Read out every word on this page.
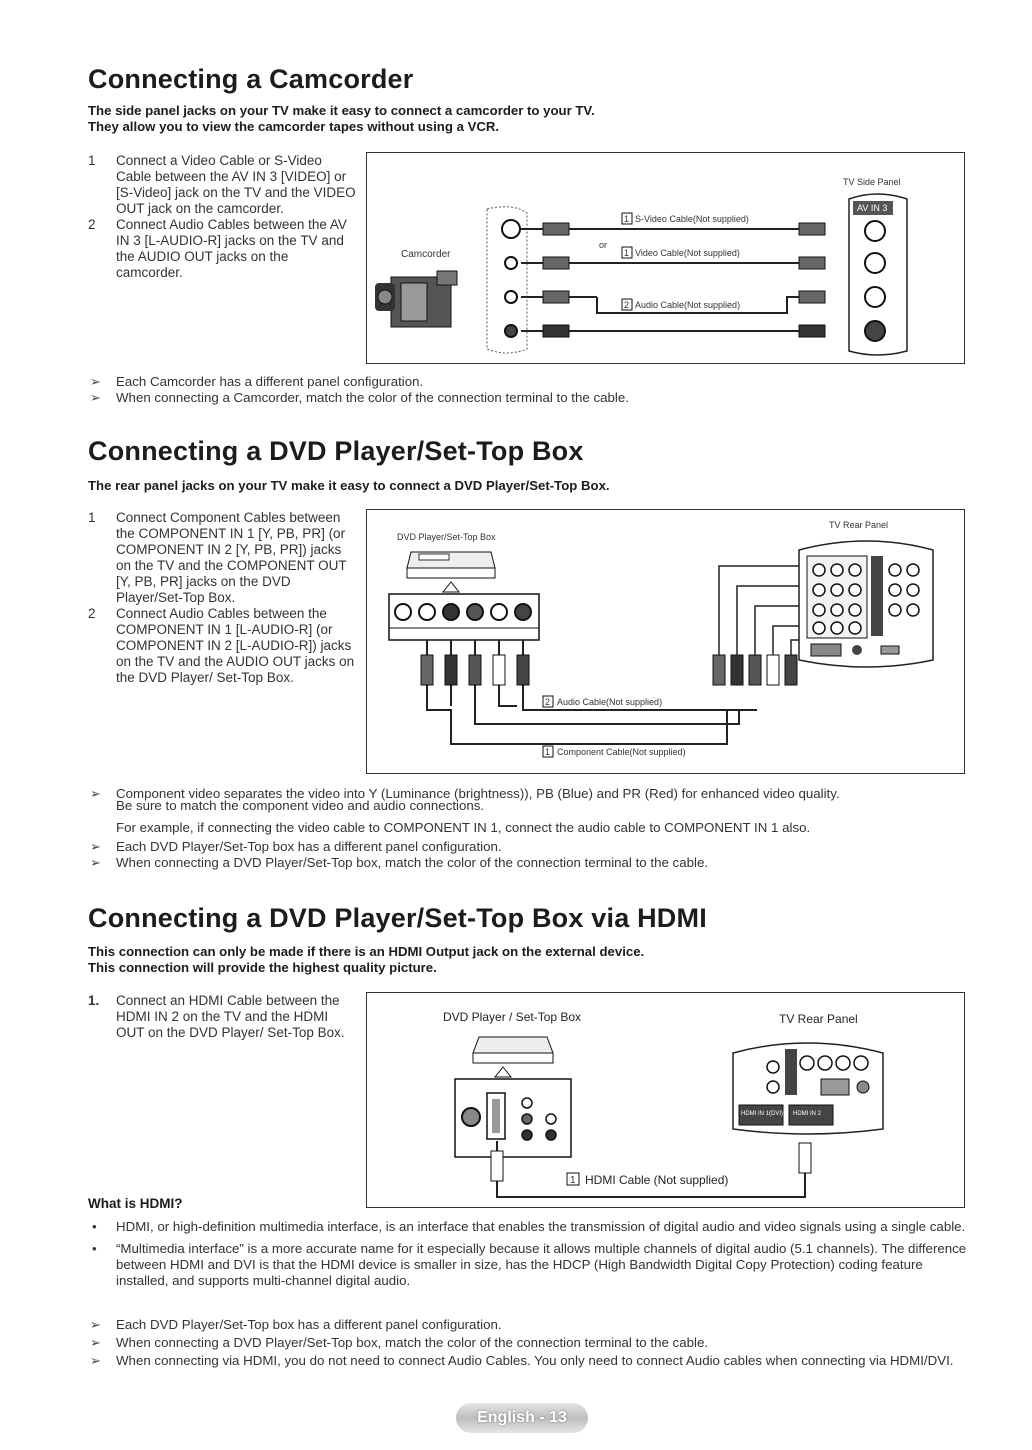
Connecting a Camcorder

The side panel jacks on your TV make it easy to connect a camcorder to your TV.
They allow you to view the camcorder tapes without using a VCR.

1 Connect a Video Cable or S-Video Cable between the AV IN 3 [VIDEO] or [S-Video] jack on the TV and the VIDEO OUT jack on the camcorder.
2 Connect Audio Cables between the AV IN 3 [L-AUDIO-R] jacks on the TV and the AUDIO OUT jacks on the camcorder.
Camcorder
1 S-Video Cable(Not supplied)
or
1 Video Cable(Not supplied)
2 Audio Cable(Not supplied)
TV Side Panel
AV IN 3
➢ Each Camcorder has a different panel configuration.
➢ When connecting a Camcorder, match the color of the connection terminal to the cable.
Connecting a DVD Player/Set-Top Box

The rear panel jacks on your TV make it easy to connect a DVD Player/Set-Top Box.

1 Connect Component Cables between the COMPONENT IN 1 [Y, PB, PR] (or COMPONENT IN 2 [Y, PB, PR]) jacks on the TV and the COMPONENT OUT [Y, PB, PR] jacks on the DVD Player/Set-Top Box.
2 Connect Audio Cables between the COMPONENT IN 1 [L-AUDIO-R] (or COMPONENT IN 2 [L-AUDIO-R]) jacks on the TV and the AUDIO OUT jacks on the DVD Player/ Set-Top Box.
DVD Player/Set-Top Box
2 Audio Cable(Not supplied)
1 Component Cable(Not supplied)
TV Rear Panel
➢ Component video separates the video into Y (Luminance (brightness)), PB (Blue) and PR (Red) for enhanced video quality.
Be sure to match the component video and audio connections.
For example, if connecting the video cable to COMPONENT IN 1, connect the audio cable to COMPONENT IN 1 also.
➢ Each DVD Player/Set-Top box has a different panel configuration.
➢ When connecting a DVD Player/Set-Top box, match the color of the connection terminal to the cable.
Connecting a DVD Player/Set-Top Box via HDMI

This connection can only be made if there is an HDMI Output jack on the external device.
This connection will provide the highest quality picture.

1. Connect an HDMI Cable between the HDMI IN 2 on the TV and the HDMI OUT on the DVD Player/ Set-Top Box.
DVD Player / Set-Top Box	TV Rear Panel
1 HDMI Cable (Not supplied)
HDMI IN 1(DVI) HDMI IN 2

What is HDMI?

• HDMI, or high-definition multimedia interface, is an interface that enables the transmission of digital audio and video signals using a single cable.
• “Multimedia interface” is a more accurate name for it especially because it allows multiple channels of digital audio (5.1 channels). The difference between HDMI and DVI is that the HDMI device is smaller in size, has the HDCP (High Bandwidth Digital Copy Protection) coding feature installed, and supports multi-channel digital audio.
➢ Each DVD Player/Set-Top box has a different panel configuration.
➢ When connecting a DVD Player/Set-Top box, match the color of the connection terminal to the cable.
➢ When connecting via HDMI, you do not need to connect Audio Cables. You only need to connect Audio cables when connecting via HDMI/DVI.
English - 13
